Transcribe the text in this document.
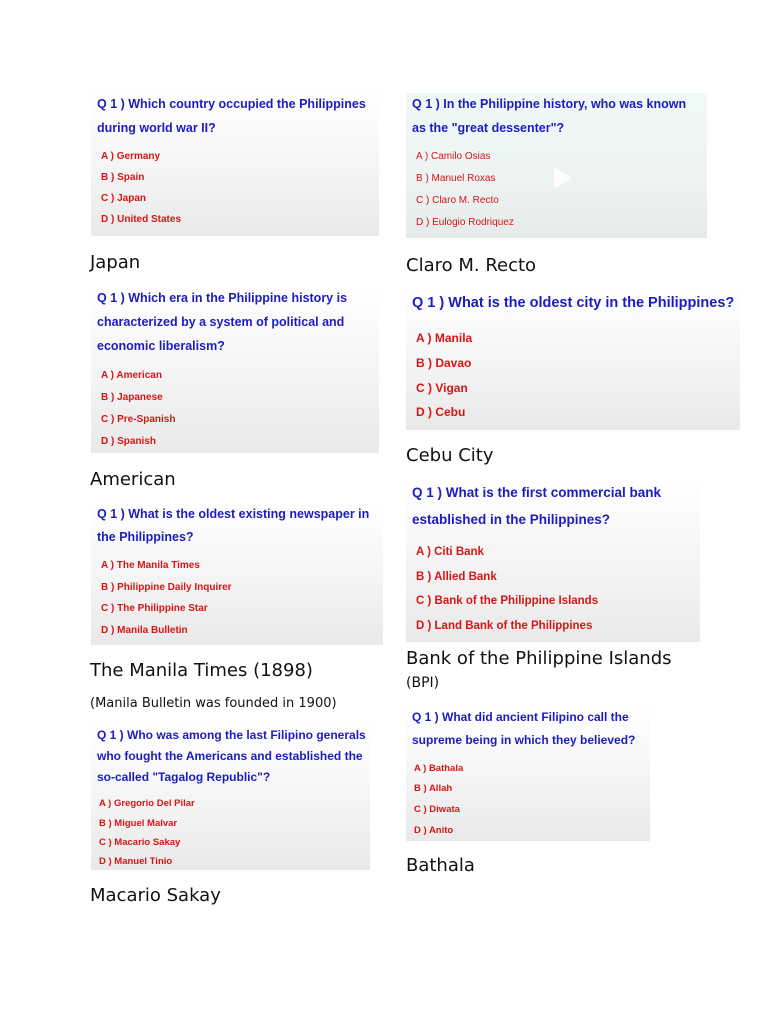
Q 1 ) Which country occupied the Philippines

during world war II?

A ) Germany

B ) Spain

C ) Japan

D ) United States

Japan

Q 1 ) In the Philippine history, who was known

as the "great dessenter"?

A ) Camilo Osias

B ) Manuel Roxas

C ) Claro M. Recto

D ) Eulogio Rodriquez

Claro M. Recto

Q 1 ) Which era in the Philippine history is

characterized by a system of political and

economic liberalism?

A ) American

B ) Japanese

C ) Pre-Spanish

D ) Spanish

American

Q 1 ) What is the oldest city in the Philippines?

A ) Manila

B ) Davao

C ) Vigan

D ) Cebu

Cebu City

Q 1 ) What is the oldest existing newspaper in

the Philippines?

A ) The Manila Times

B ) Philippine Daily Inquirer

C ) The Philippine Star

D ) Manila Bulletin

The Manila Times (1898)

(Manila Bulletin was founded in 1900)

Q 1 ) What is the first commercial bank

established in the Philippines?

A ) Citi Bank

B ) Allied Bank

C ) Bank of the Philippine Islands

D ) Land Bank of the Philippines

Bank of the Philippine Islands

(BPI)

Q 1 ) Who was among the last Filipino generals

who fought the Americans and established the

so-called "Tagalog Republic"?

A ) Gregorio Del Pilar

B ) Miguel Malvar

C ) Macario Sakay

D ) Manuel Tinio

Macario Sakay

Q 1 ) What did ancient Filipino call the

supreme being in which they believed?

A ) Bathala

B ) Allah

C ) Diwata

D ) Anito

Bathala
